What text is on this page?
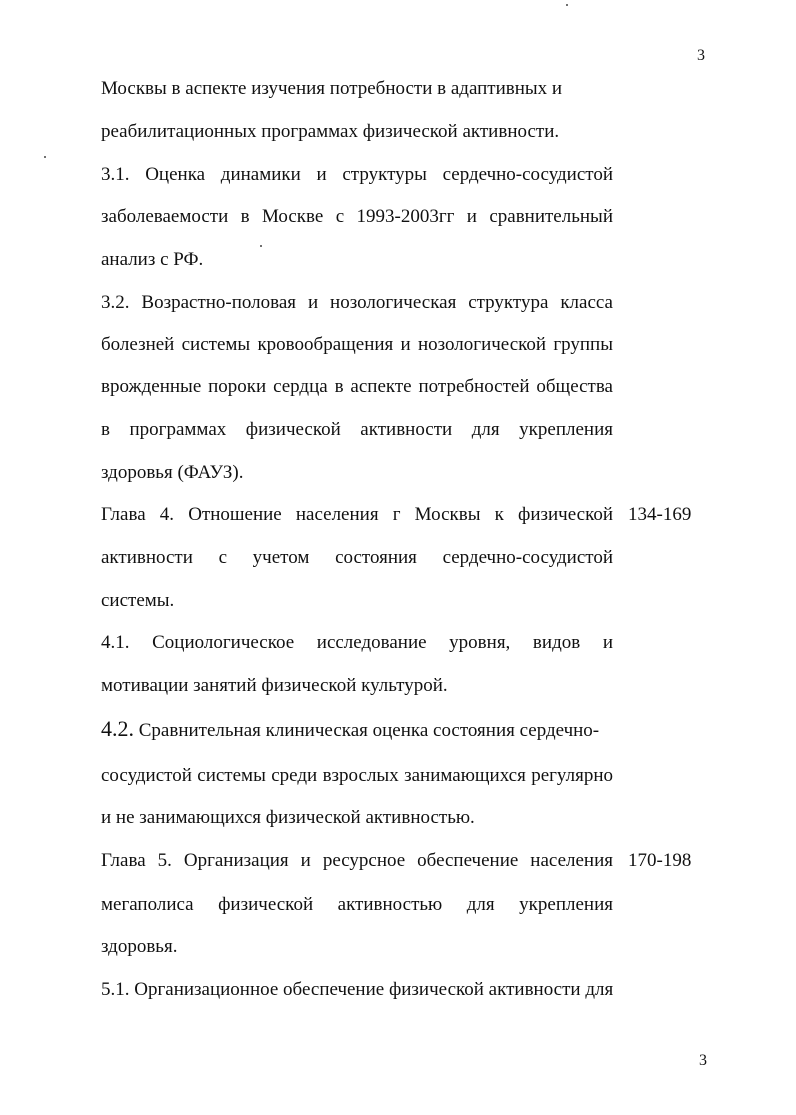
3
Москвы в аспекте изучения потребности в адаптивных и
реабилитационных программах физической активности.
3.1. Оценка динамики и структуры сердечно-сосудистой
заболеваемости в Москве с 1993-2003гг и сравнительный
анализ с РФ.
3.2. Возрастно-половая и нозологическая структура класса
болезней системы кровообращения и нозологической группы
врожденные пороки сердца в аспекте потребностей общества
в программах физической активности для укрепления
здоровья (ФАУЗ).
Глава 4. Отношение населения г Москвы к физической 134-169
активности с учетом состояния сердечно-сосудистой
системы.
4.1. Социологическое исследование уровня, видов и
мотивации занятий физической культурой.
4.2. Сравнительная клиническая оценка состояния сердечно-
сосудистой системы среди взрослых занимающихся регулярно
и не занимающихся физической активностью.
Глава 5. Организация и ресурсное обеспечение населения 170-198
мегаполиса физической активностью для укрепления
здоровья.
5.1. Организационное обеспечение физической активности для
3
